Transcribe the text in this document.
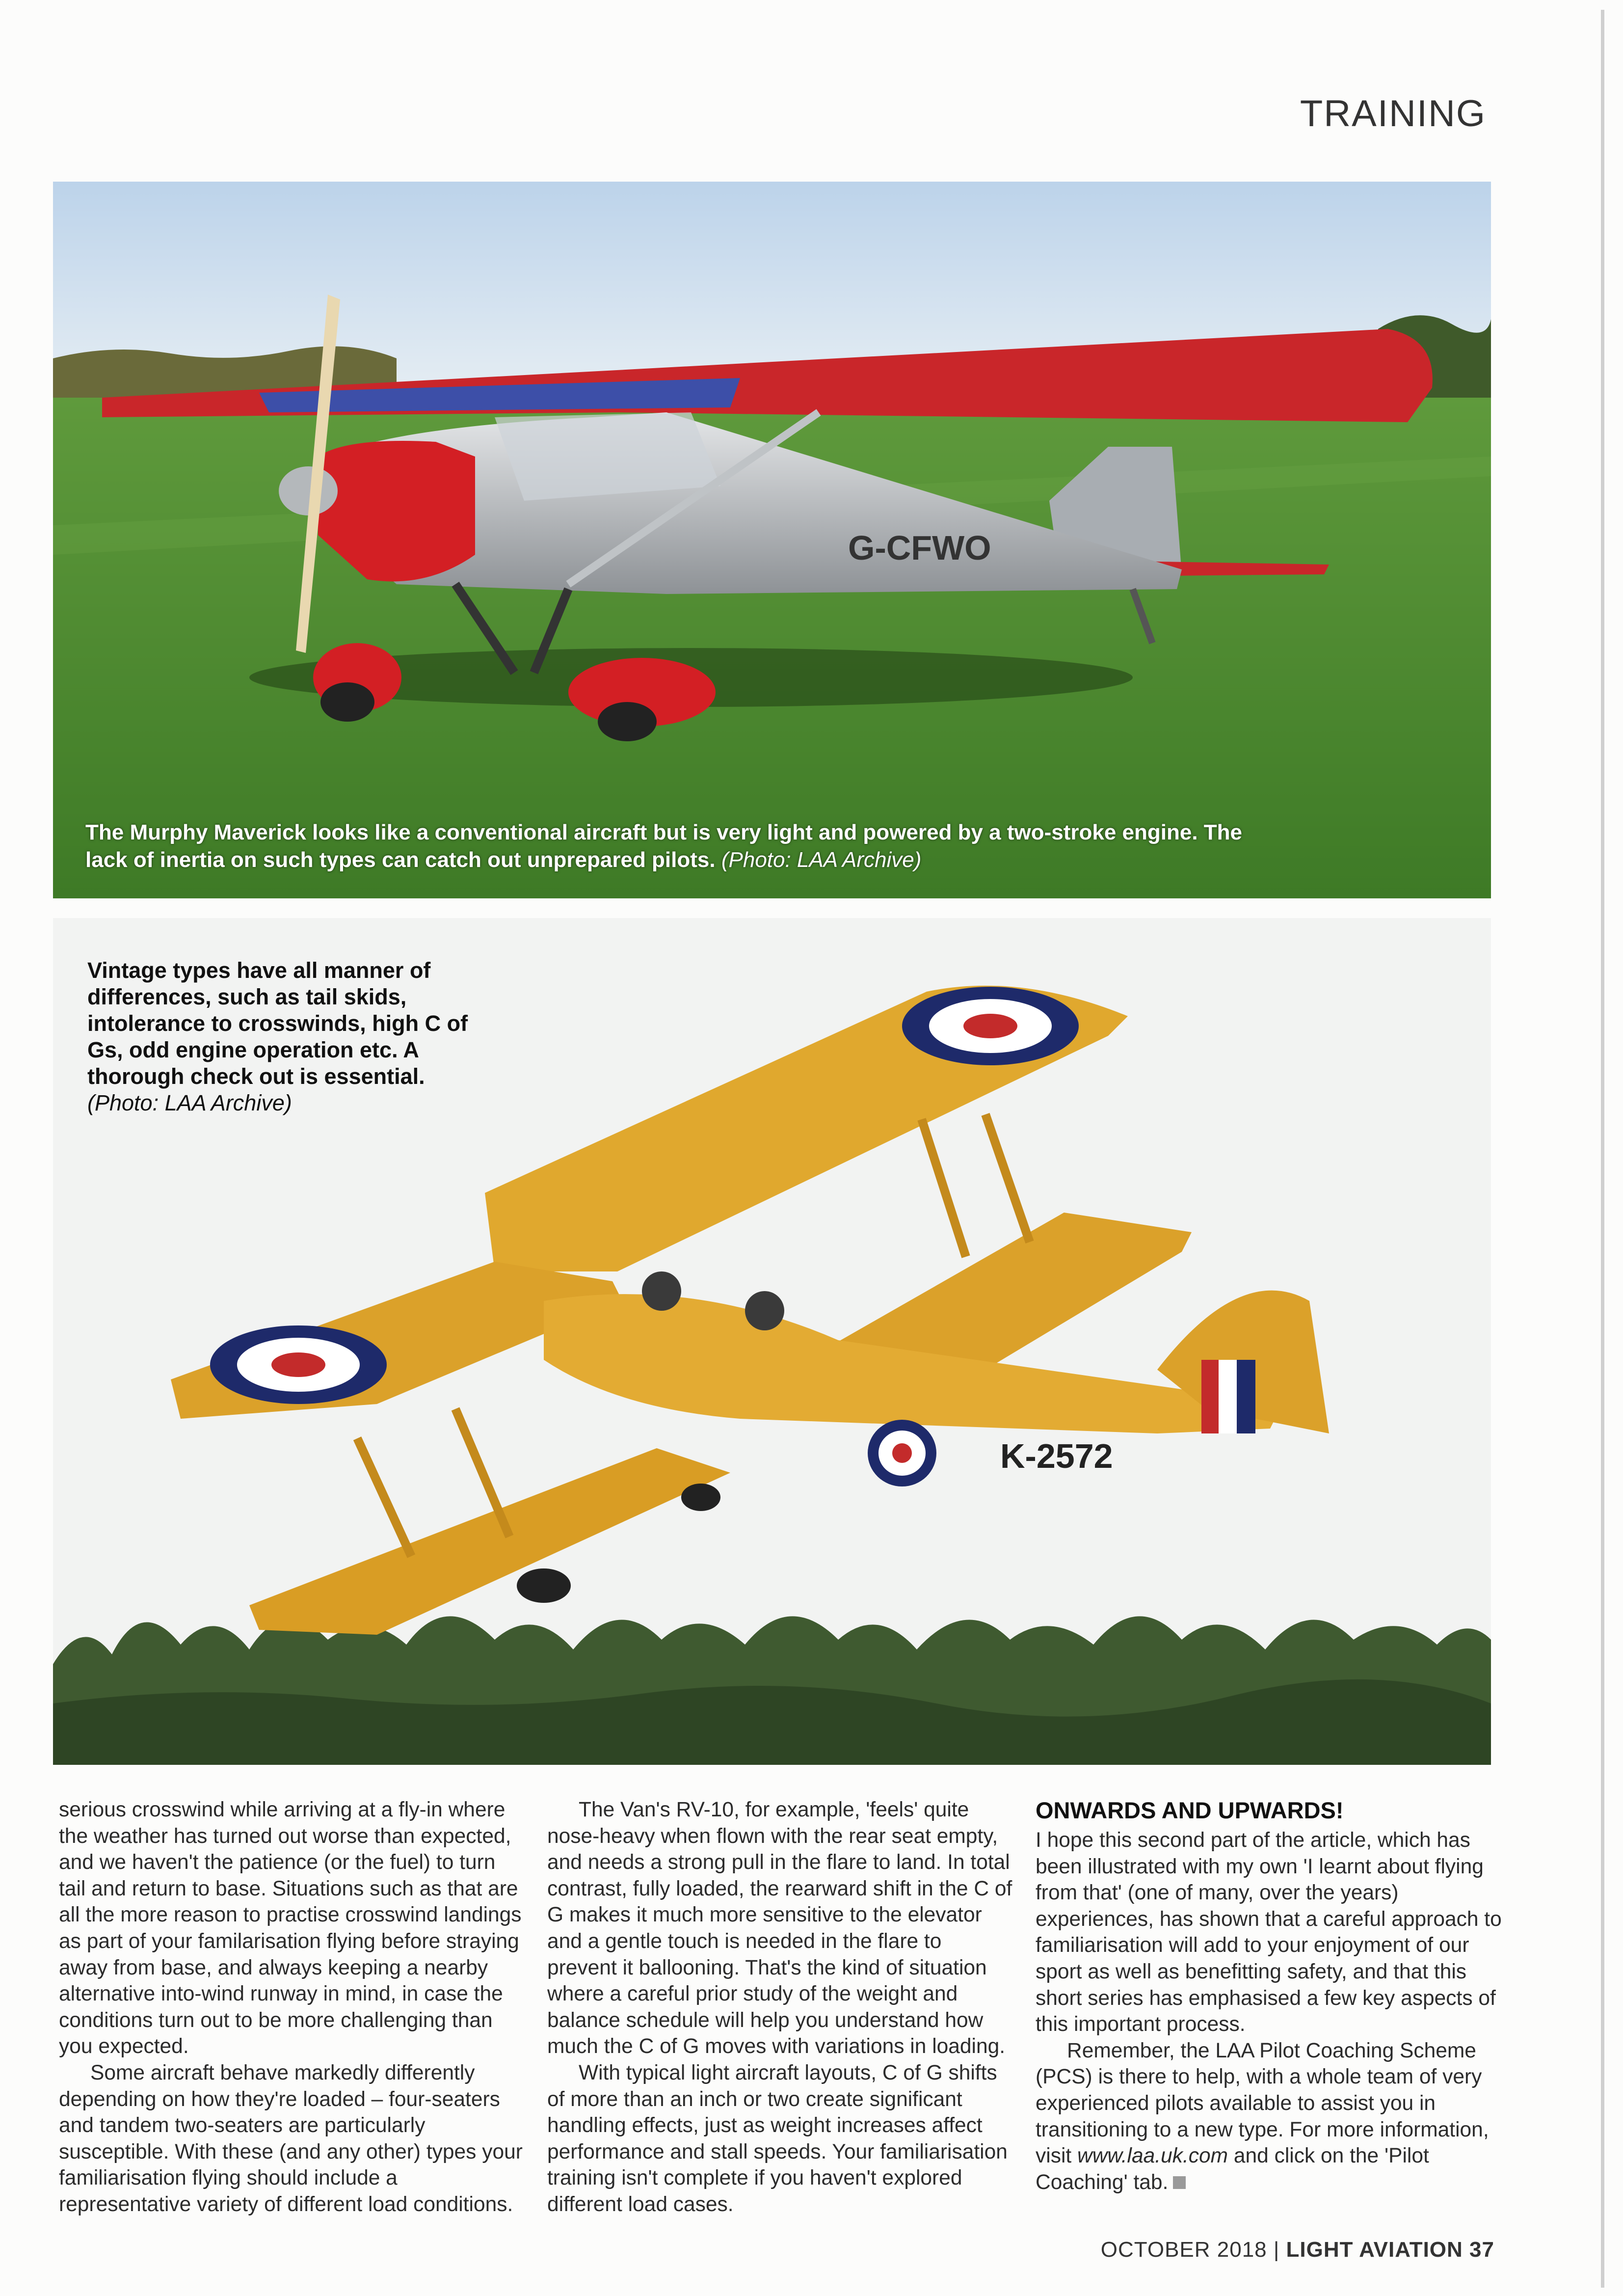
TRAINING
G-CFWO
The Murphy Maverick looks like a conventional aircraft but is very light and powered by a two-stroke engine. The lack of inertia on such types can catch out unprepared pilots. (Photo: LAA Archive)
K-2572
Vintage types have all manner of differences, such as tail skids, intolerance to crosswinds, high C of Gs, odd engine operation etc. A thorough check out is essential.
(Photo: LAA Archive)

serious crosswind while arriving at a fly-in where the weather has turned out worse than expected, and we haven't the patience (or the fuel) to turn tail and return to base. Situations such as that are all the more reason to practise crosswind landings as part of your familarisation flying before straying away from base, and always keeping a nearby alternative into-wind runway in mind, in case the conditions turn out to be more challenging than you expected.

Some aircraft behave markedly differently depending on how they're loaded – four-seaters and tandem two-seaters are particularly susceptible. With these (and any other) types your familiarisation flying should include a representative variety of different load conditions.

The Van's RV-10, for example, 'feels' quite nose-heavy when flown with the rear seat empty, and needs a strong pull in the flare to land. In total contrast, fully loaded, the rearward shift in the C of G makes it much more sensitive to the elevator and a gentle touch is needed in the flare to prevent it ballooning. That's the kind of situation where a careful prior study of the weight and balance schedule will help you understand how much the C of G moves with variations in loading.

With typical light aircraft layouts, C of G shifts of more than an inch or two create significant handling effects, just as weight increases affect performance and stall speeds. Your familiarisation training isn't complete if you haven't explored different load cases.

ONWARDS AND UPWARDS!

I hope this second part of the article, which has been illustrated with my own 'I learnt about flying from that' (one of many, over the years) experiences, has shown that a careful approach to familiarisation will add to your enjoyment of our sport as well as benefitting safety, and that this short series has emphasised a few key aspects of this important process.

Remember, the LAA Pilot Coaching Scheme (PCS) is there to help, with a whole team of very experienced pilots available to assist you in transitioning to a new type. For more information, visit www.laa.uk.com and click on the 'Pilot Coaching' tab.

OCTOBER 2018 | LIGHT AVIATION 37
